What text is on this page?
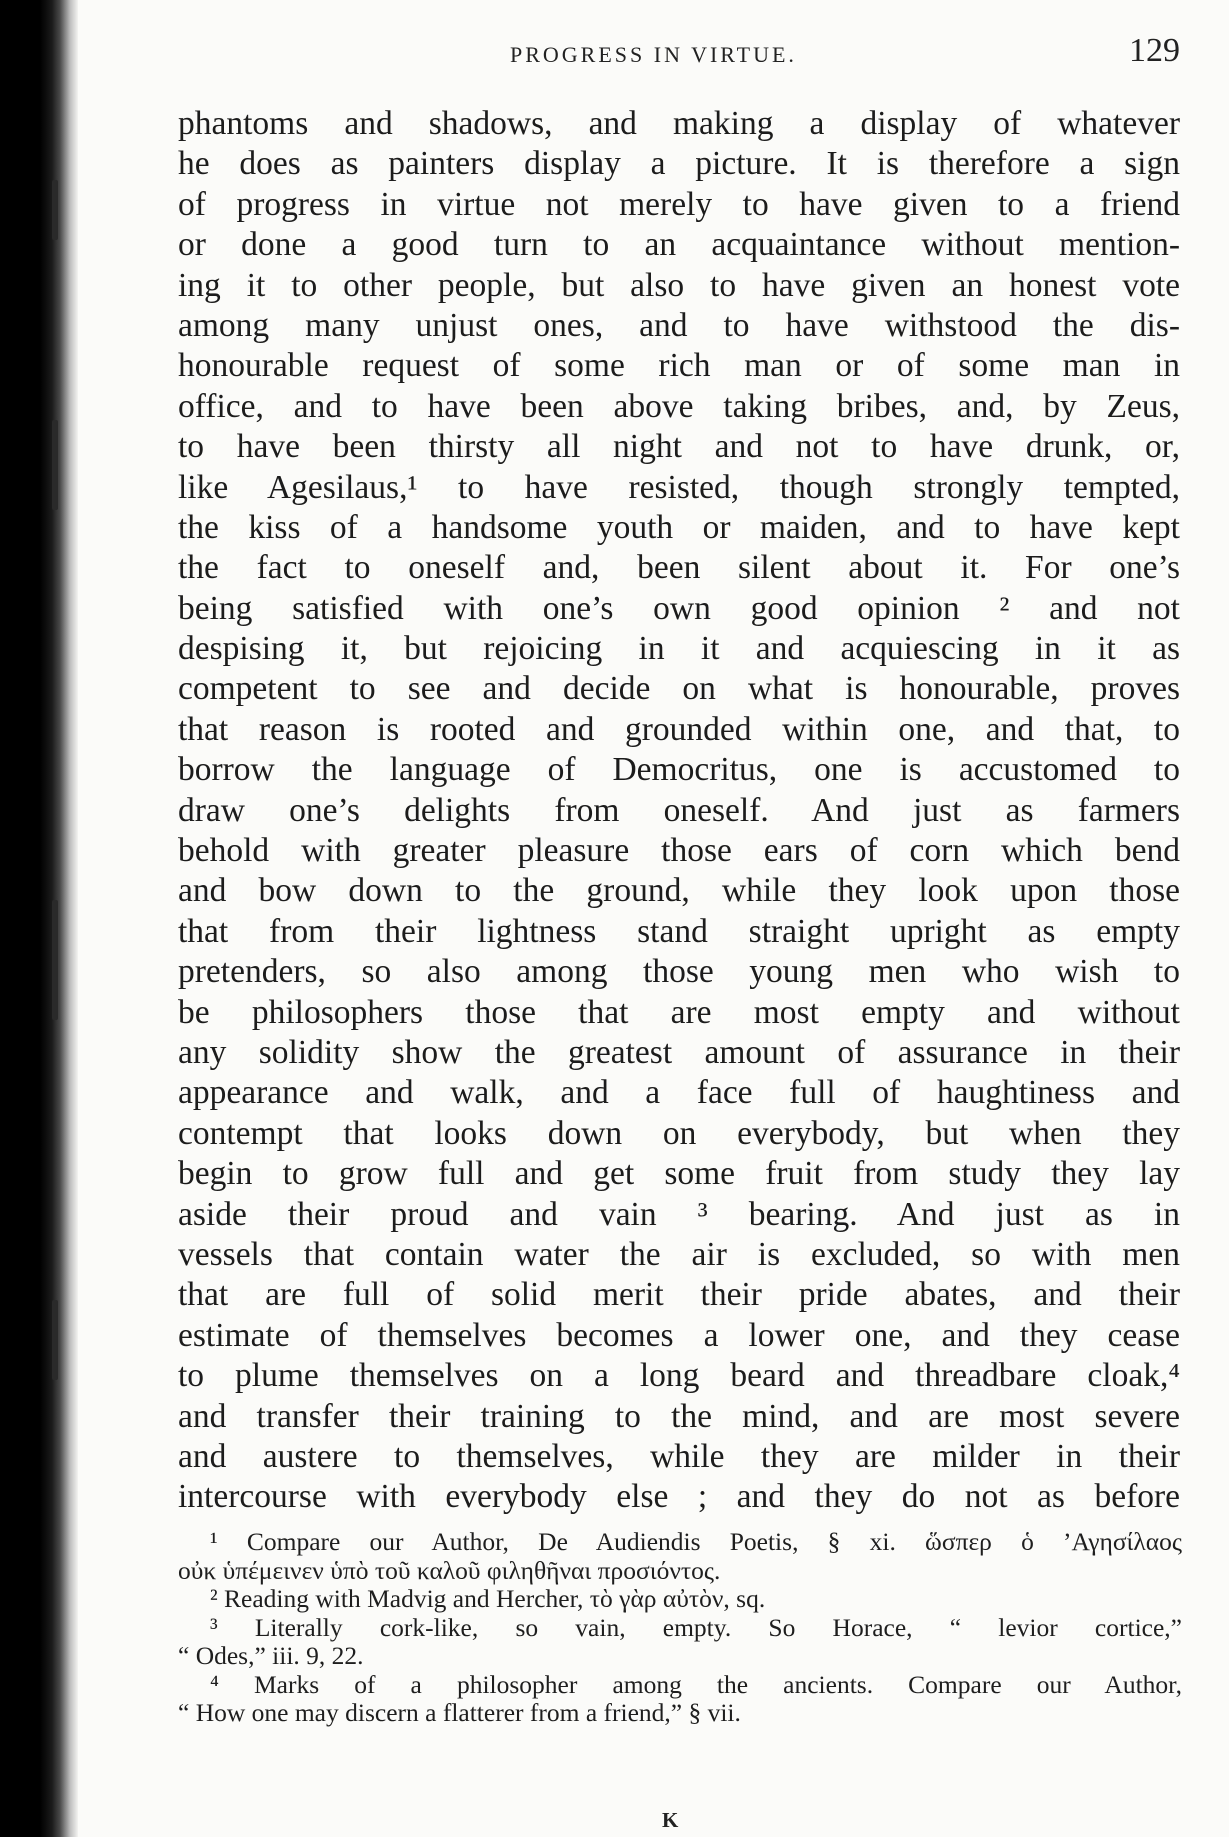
PROGRESS IN VIRTUE.	129
phantoms and shadows, and making a display of whatever
he does as painters display a picture. It is therefore a sign
of progress in virtue not merely to have given to a friend
or done a good turn to an acquaintance without mention-
ing it to other people, but also to have given an honest vote
among many unjust ones, and to have withstood the dis-
honourable request of some rich man or of some man in
office, and to have been above taking bribes, and, by Zeus,
to have been thirsty all night and not to have drunk, or,
like Agesilaus,¹ to have resisted, though strongly tempted,
the kiss of a handsome youth or maiden, and to have kept
the fact to oneself and, been silent about it. For one’s
being satisfied with one’s own good opinion ² and not
despising it, but rejoicing in it and acquiescing in it as
competent to see and decide on what is honourable, proves
that reason is rooted and grounded within one, and that, to
borrow the language of Democritus, one is accustomed to
draw one’s delights from oneself. And just as farmers
behold with greater pleasure those ears of corn which bend
and bow down to the ground, while they look upon those
that from their lightness stand straight upright as empty
pretenders, so also among those young men who wish to
be philosophers those that are most empty and without
any solidity show the greatest amount of assurance in their
appearance and walk, and a face full of haughtiness and
contempt that looks down on everybody, but when they
begin to grow full and get some fruit from study they lay
aside their proud and vain ³ bearing. And just as in
vessels that contain water the air is excluded, so with men
that are full of solid merit their pride abates, and their
estimate of themselves becomes a lower one, and they cease
to plume themselves on a long beard and threadbare cloak,⁴
and transfer their training to the mind, and are most severe
and austere to themselves, while they are milder in their
intercourse with everybody else ; and they do not as before
¹ Compare our Author, De Audiendis Poetis, § xi. ὥσπερ ὁ ’Αγησίλαος
οὐκ ὑπέμεινεν ὑπὸ τοῦ καλοῦ φιληθῆναι προσιόντος.
² Reading with Madvig and Hercher, τὸ γὰρ αὐτὸν, sq.
³ Literally cork-like, so vain, empty. So Horace, “ levior cortice,”
“ Odes,” iii. 9, 22.
⁴ Marks of a philosopher among the ancients. Compare our Author,
“ How one may discern a flatterer from a friend,” § vii.
K
